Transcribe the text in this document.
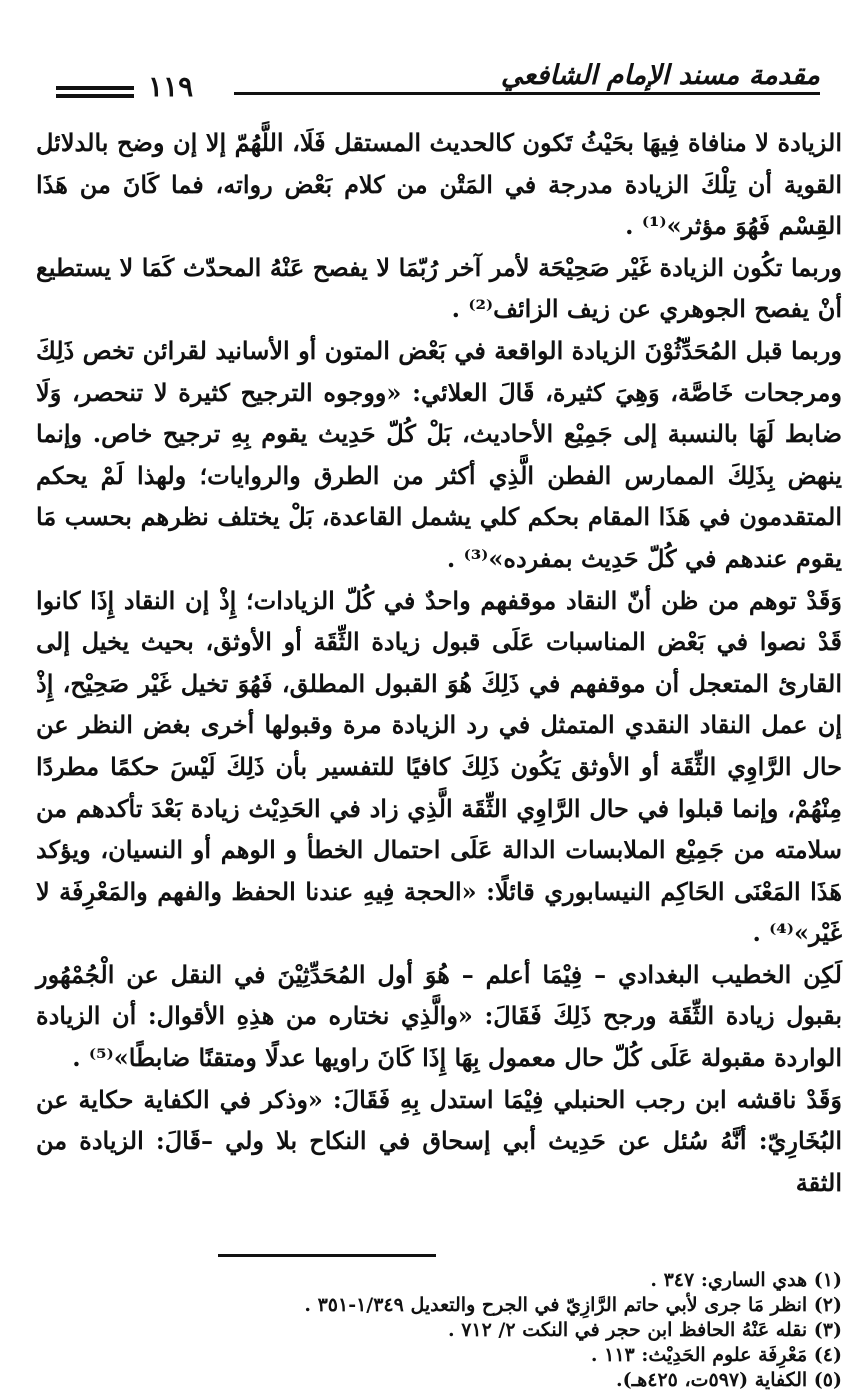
مقدمة مسند الإمام الشافعي
١١٩

الزيادة لا منافاة فِيهَا بحَيْثُ تَكون كالحديث المستقل فَلَا، اللَّهُمّ إلا إن وضح بالدلائل القوية أن تِلْكَ الزيادة مدرجة في المَتْن من كلام بَعْض رواته، فما كَانَ من هَذَا القِسْم فَهُوَ مؤثر»⁽¹⁾ .

وربما تكُون الزيادة غَيْر صَحِيْحَة لأمر آخر رُبّمَا لا يفصح عَنْهُ المحدّث كَمَا لا يستطيع أنْ يفصح الجوهري عن زيف الزائف⁽²⁾ .

وربما قبل المُحَدِّثُوْنَ الزيادة الواقعة في بَعْض المتون أو الأسانيد لقرائن تخص ذَلِكَ ومرجحات خَاصَّة، وَهِيَ كثيرة، قَالَ العلائي: «ووجوه الترجيح كثيرة لا تنحصر، وَلَا ضابط لَهَا بالنسبة إلى جَمِيْع الأحاديث، بَلْ كُلّ حَدِيث يقوم بِهِ ترجيح خاص. وإنما ينهض بِذَلِكَ الممارس الفطن الَّذِي أكثر من الطرق والروايات؛ ولهذا لَمْ يحكم المتقدمون في هَذَا المقام بحكم كلي يشمل القاعدة، بَلْ يختلف نظرهم بحسب مَا يقوم عندهم في كُلّ حَدِيث بمفرده»⁽³⁾ .

وَقَدْ توهم من ظن أنّ النقاد موقفهم واحدٌ في كُلّ الزيادات؛ إِذْ إن النقاد إِذَا كانوا قَدْ نصوا في بَعْض المناسبات عَلَى قبول زيادة الثِّقَة أو الأوثق، بحيث يخيل إلى القارئ المتعجل أن موقفهم في ذَلِكَ هُوَ القبول المطلق، فَهُوَ تخيل غَيْر صَحِيْح، إِذْ إن عمل النقاد النقدي المتمثل في رد الزيادة مرة وقبولها أخرى بغض النظر عن حال الرَّاوِي الثِّقَة أو الأوثق يَكُون ذَلِكَ كافيًا للتفسير بأن ذَلِكَ لَيْسَ حكمًا مطردًا مِنْهُمْ، وإنما قبلوا في حال الرَّاوِي الثِّقَة الَّذِي زاد في الحَدِيْث زيادة بَعْدَ تأكدهم من سلامته من جَمِيْع الملابسات الدالة عَلَى احتمال الخطأ و الوهم أو النسيان، ويؤكد هَذَا المَعْنَى الحَاكِم النيسابوري قائلًا: «الحجة فِيهِ عندنا الحفظ والفهم والمَعْرِفَة لا غَيْر»⁽⁴⁾ .

لَكِن الخطيب البغدادي – فِيْمَا أعلم – هُوَ أول المُحَدِّثِيْنَ في النقل عن الْجُمْهُور بقبول زيادة الثِّقَة ورجح ذَلِكَ فَقَالَ: «والَّذِي نختاره من هذِهِ الأقوال: أن الزيادة الواردة مقبولة عَلَى كُلّ حال معمول بِهَا إِذَا كَانَ راويها عدلًا ومتقنًا ضابطًا»⁽⁵⁾ .

وَقَدْ ناقشه ابن رجب الحنبلي فِيْمَا استدل بِهِ فَقَالَ: «وذكر في الكفاية حكاية عن البُخَارِيّ: أنَّهُ سُئل عن حَدِيث أبي إسحاق في النكاح بلا ولي –قَالَ: الزيادة من الثقة

(١) هدي الساري: ٣٤٧ .
(٢) انظر مَا جرى لأبي حاتم الرَّازِيّ في الجرح والتعديل ١/٣٤٩-٣٥١ .
(٣) نقله عَنْهُ الحافظ ابن حجر في النكت ٢/ ٧١٢ .
(٤) مَعْرِفَة علوم الحَدِيْث: ١١٣ .
(٥) الكفاية (٥٩٧ت، ٤٢٥هـ).
